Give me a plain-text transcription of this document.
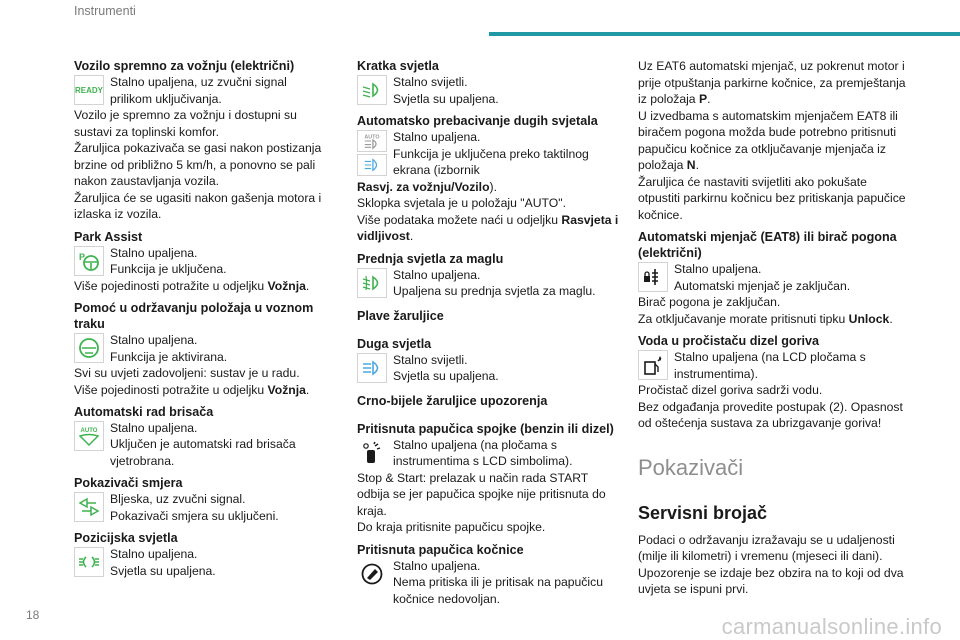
Instrumenti
Vozilo spremno za vožnju (električni)
READY

Stalno upaljena, uz zvučni signal prilikom uključivanja.

Vozilo je spremno za vožnju i dostupni su sustavi za toplinski komfor.

Žaruljica pokazivača se gasi nakon postizanja brzine od približno 5 km/h, a ponovno se pali nakon zaustavljanja vozila.

Žaruljica će se ugasiti nakon gašenja motora i izlaska iz vozila.

Park Assist
P Stalno upaljena.

Funkcija je uključena.

Više pojedinosti potražite u odjeljku Vožnja.

Pomoć u održavanju položaja u voznom traku

Stalno upaljena.

Funkcija je aktivirana.

Svi su uvjeti zadovoljeni: sustav je u radu.

Više pojedinosti potražite u odjeljku Vožnja.

Automatski rad brisača
AUTO Stalno upaljena.

Uključen je automatski rad brisača vjetrobrana.

Pokazivači smjera

Bljeska, uz zvučni signal.

Pokazivači smjera su uključeni.

Pozicijska svjetla

Stalno upaljena.

Svjetla su upaljena.

Kratka svjetla

Stalno svijetli.

Svjetla su upaljena.

Automatsko prebacivanje dugih svjetala
AUTO Stalno upaljena.

Funkcija je uključena preko taktilnog ekrana (izbornik

Rasvj. za vožnju/Vozilo).

Sklopka svjetala je u položaju "AUTO".

Više podataka možete naći u odjeljku Rasvjeta i vidljivost.

Prednja svjetla za maglu

Stalno upaljena.

Upaljena su prednja svjetla za maglu.

Plave žaruljice
Duga svjetla

Stalno svijetli.

Svjetla su upaljena.

Crno-bijele žaruljice upozorenja
Pritisnuta papučica spojke (benzin ili dizel)

Stalno upaljena (na pločama s instrumentima s LCD simbolima).

Stop & Start: prelazak u način rada START odbija se jer papučica spojke nije pritisnuta do kraja.

Do kraja pritisnite papučicu spojke.

Pritisnuta papučica kočnice

Stalno upaljena.

Nema pritiska ili je pritisak na papučicu kočnice nedovoljan.

Uz EAT6 automatski mjenjač, uz pokrenut motor i prije otpuštanja parkirne kočnice, za premještanja iz položaja P.

U izvedbama s automatskim mjenjačem EAT8 ili biračem pogona možda bude potrebno pritisnuti papučicu kočnice za otključavanje mjenjača iz položaja N.

Žaruljica će nastaviti svijetliti ako pokušate otpustiti parkirnu kočnicu bez pritiskanja papučice kočnice.

Automatski mjenjač (EAT8) ili birač pogona (električni)

Stalno upaljena.

Automatski mjenjač je zaključan.

Birač pogona je zaključan.

Za otključavanje morate pritisnuti tipku Unlock.

Voda u pročistaču dizel goriva

Stalno upaljena (na LCD pločama s instrumentima).

Pročistač dizel goriva sadrži vodu.

Bez odgađanja provedite postupak (2). Opasnost od oštećenja sustava za ubrizgavanje goriva!

Pokazivači
Servisni brojač

Podaci o održavanju izražavaju se u udaljenosti (milje ili kilometri) i vremenu (mjeseci ili dani).

Upozorenje se izdaje bez obzira na to koji od dva uvjeta se ispuni prvi.

18	carmanualsonline.info
